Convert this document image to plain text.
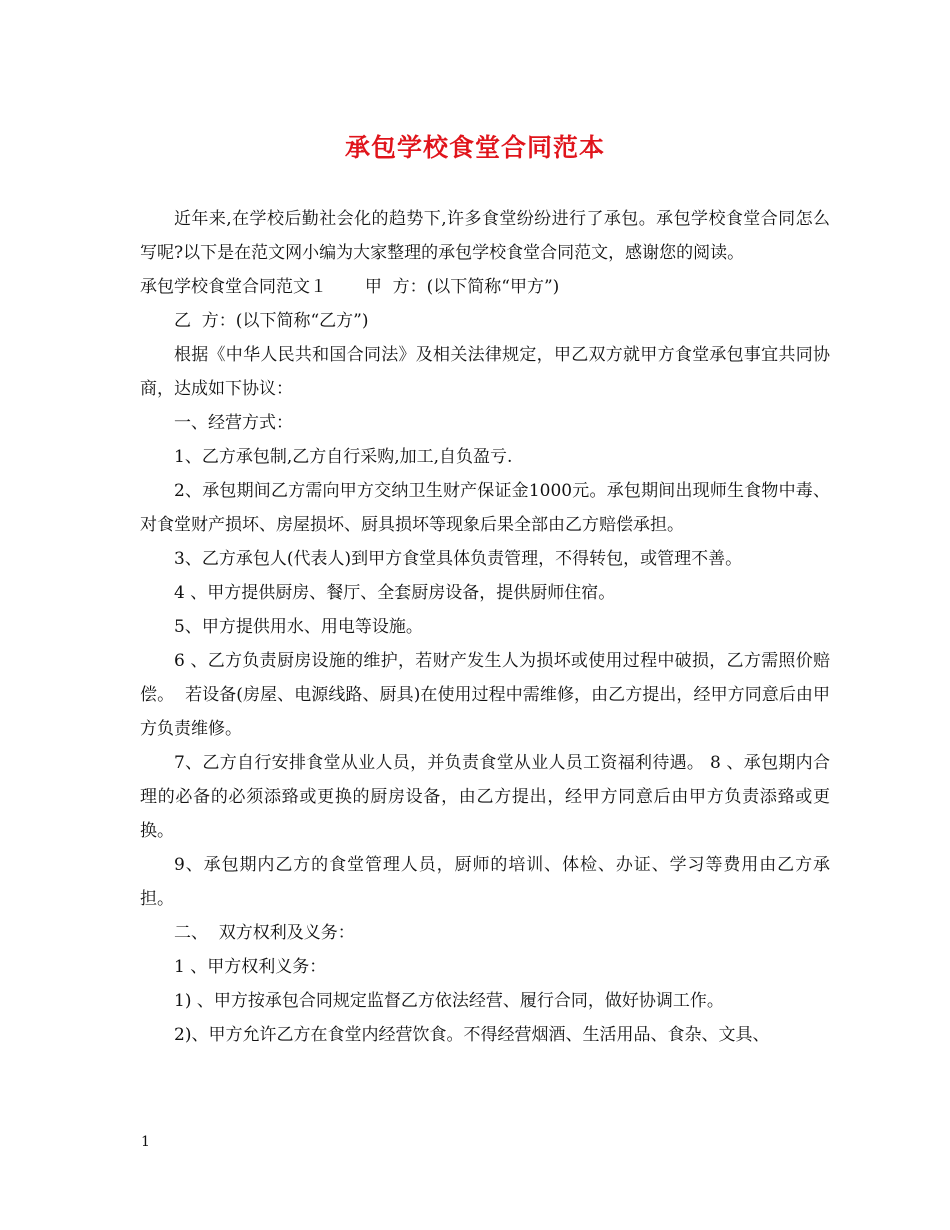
承包学校食堂合同范本

近年来,在学校后勤社会化的趋势下,许多食堂纷纷进行了承包。承包学校食堂合同怎么写呢?以下是在范文网小编为大家整理的承包学校食堂合同范文，感谢您的阅读。

承包学校食堂合同范文１       甲  方：(以下简称“甲方”)

乙  方：(以下简称“乙方”)

根据《中华人民共和国合同法》及相关法律规定，甲乙双方就甲方食堂承包事宜共同协商，达成如下协议：

一、经营方式：

1、乙方承包制,乙方自行采购,加工,自负盈亏.

2、承包期间乙方需向甲方交纳卫生财产保证金1000元。承包期间出现师生食物中毒、对食堂财产损坏、房屋损坏、厨具损坏等现象后果全部由乙方赔偿承担。

3、乙方承包人(代表人)到甲方食堂具体负责管理，不得转包，或管理不善。

4 、甲方提供厨房、餐厅、全套厨房设备，提供厨师住宿。

5、甲方提供用水、用电等设施。

6 、乙方负责厨房设施的维护，若财产发生人为损坏或使用过程中破损，乙方需照价赔偿。  若设备(房屋、电源线路、厨具)在使用过程中需维修，由乙方提出，经甲方同意后由甲方负责维修。

7、乙方自行安排食堂从业人员，并负责食堂从业人员工资福利待遇。 8 、承包期内合理的必备的必须添臵或更换的厨房设备，由乙方提出，经甲方同意后由甲方负责添臵或更换。

9、承包期内乙方的食堂管理人员，厨师的培训、体检、办证、学习等费用由乙方承担。

二、  双方权利及义务：

1 、甲方权利义务：

1) 、甲方按承包合同规定监督乙方依法经营、履行合同，做好协调工作。

2)、甲方允许乙方在食堂内经营饮食。不得经营烟酒、生活用品、食杂、文具、

1
